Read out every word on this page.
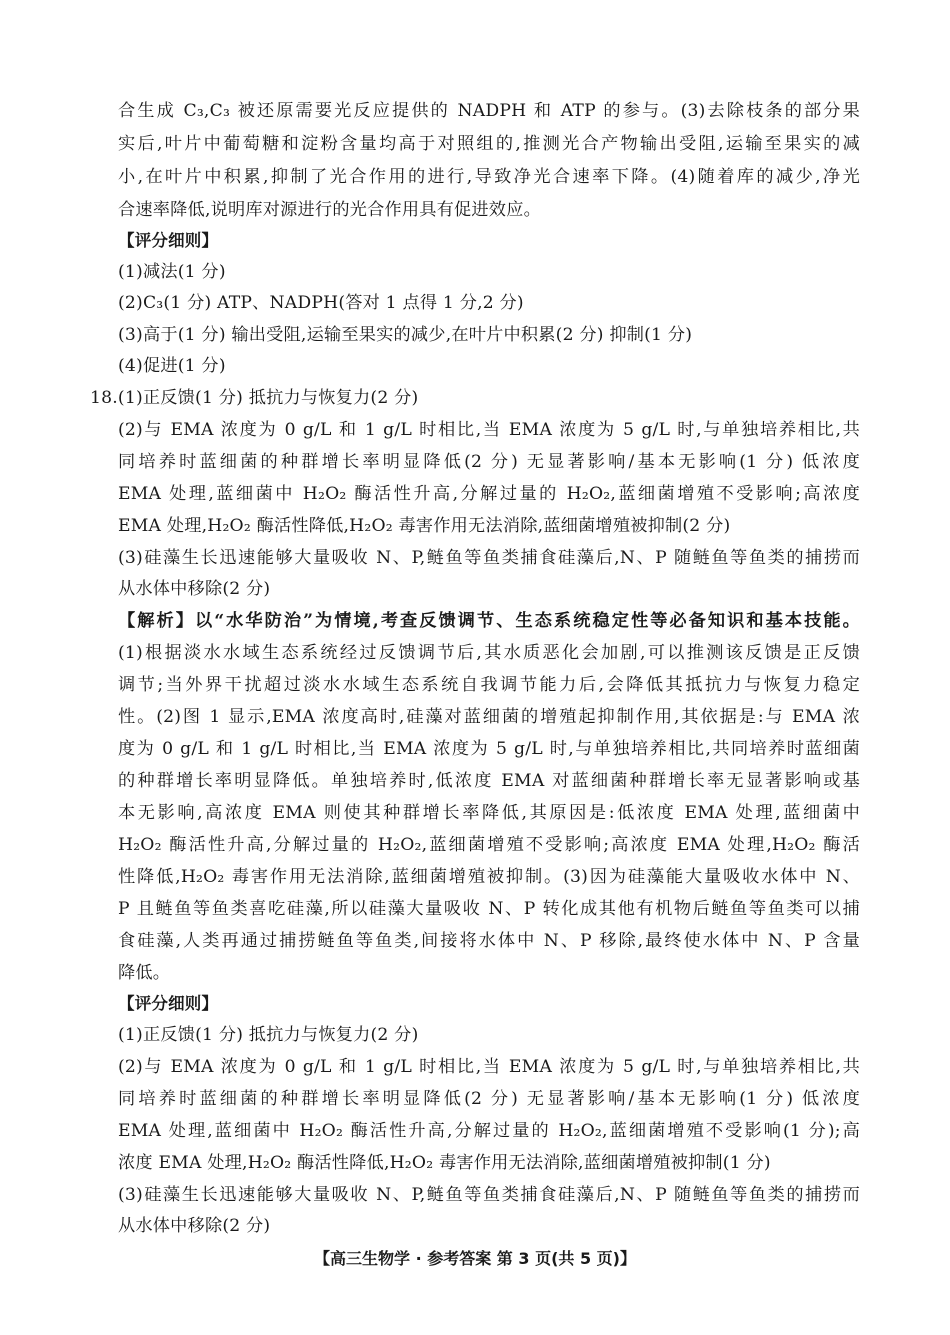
合生成 C₃,C₃ 被还原需要光反应提供的 NADPH 和 ATP 的参与。(3)去除枝条的部分果
实后,叶片中葡萄糖和淀粉含量均高于对照组的,推测光合产物输出受阻,运输至果实的减
小,在叶片中积累,抑制了光合作用的进行,导致净光合速率下降。(4)随着库的减少,净光
合速率降低,说明库对源进行的光合作用具有促进效应。
【评分细则】
(1)减法(1 分)
(2)C₃(1 分) ATP、NADPH(答对 1 点得 1 分,2 分)
(3)高于(1 分) 输出受阻,运输至果实的减少,在叶片中积累(2 分) 抑制(1 分)
(4)促进(1 分)
18.(1)正反馈(1 分) 抵抗力与恢复力(2 分)
(2)与 EMA 浓度为 0 g/L 和 1 g/L 时相比,当 EMA 浓度为 5 g/L 时,与单独培养相比,共
同培养时蓝细菌的种群增长率明显降低(2 分) 无显著影响/基本无影响(1 分) 低浓度
EMA 处理,蓝细菌中 H₂O₂ 酶活性升高,分解过量的 H₂O₂,蓝细菌增殖不受影响;高浓度
EMA 处理,H₂O₂ 酶活性降低,H₂O₂ 毒害作用无法消除,蓝细菌增殖被抑制(2 分)
(3)硅藻生长迅速能够大量吸收 N、P,鲢鱼等鱼类捕食硅藻后,N、P 随鲢鱼等鱼类的捕捞而
从水体中移除(2 分)
【解析】以“水华防治”为情境,考查反馈调节、生态系统稳定性等必备知识和基本技能。
(1)根据淡水水域生态系统经过反馈调节后,其水质恶化会加剧,可以推测该反馈是正反馈
调节;当外界干扰超过淡水水域生态系统自我调节能力后,会降低其抵抗力与恢复力稳定
性。(2)图 1 显示,EMA 浓度高时,硅藻对蓝细菌的增殖起抑制作用,其依据是:与 EMA 浓
度为 0 g/L 和 1 g/L 时相比,当 EMA 浓度为 5 g/L 时,与单独培养相比,共同培养时蓝细菌
的种群增长率明显降低。单独培养时,低浓度 EMA 对蓝细菌种群增长率无显著影响或基
本无影响,高浓度 EMA 则使其种群增长率降低,其原因是:低浓度 EMA 处理,蓝细菌中
H₂O₂ 酶活性升高,分解过量的 H₂O₂,蓝细菌增殖不受影响;高浓度 EMA 处理,H₂O₂ 酶活
性降低,H₂O₂ 毒害作用无法消除,蓝细菌增殖被抑制。(3)因为硅藻能大量吸收水体中 N、
P 且鲢鱼等鱼类喜吃硅藻,所以硅藻大量吸收 N、P 转化成其他有机物后鲢鱼等鱼类可以捕
食硅藻,人类再通过捕捞鲢鱼等鱼类,间接将水体中 N、P 移除,最终使水体中 N、P 含量
降低。
【评分细则】
(1)正反馈(1 分) 抵抗力与恢复力(2 分)
(2)与 EMA 浓度为 0 g/L 和 1 g/L 时相比,当 EMA 浓度为 5 g/L 时,与单独培养相比,共
同培养时蓝细菌的种群增长率明显降低(2 分) 无显著影响/基本无影响(1 分) 低浓度
EMA 处理,蓝细菌中 H₂O₂ 酶活性升高,分解过量的 H₂O₂,蓝细菌增殖不受影响(1 分);高
浓度 EMA 处理,H₂O₂ 酶活性降低,H₂O₂ 毒害作用无法消除,蓝细菌增殖被抑制(1 分)
(3)硅藻生长迅速能够大量吸收 N、P,鲢鱼等鱼类捕食硅藻后,N、P 随鲢鱼等鱼类的捕捞而
从水体中移除(2 分)
【高三生物学 · 参考答案 第 3 页(共 5 页)】
